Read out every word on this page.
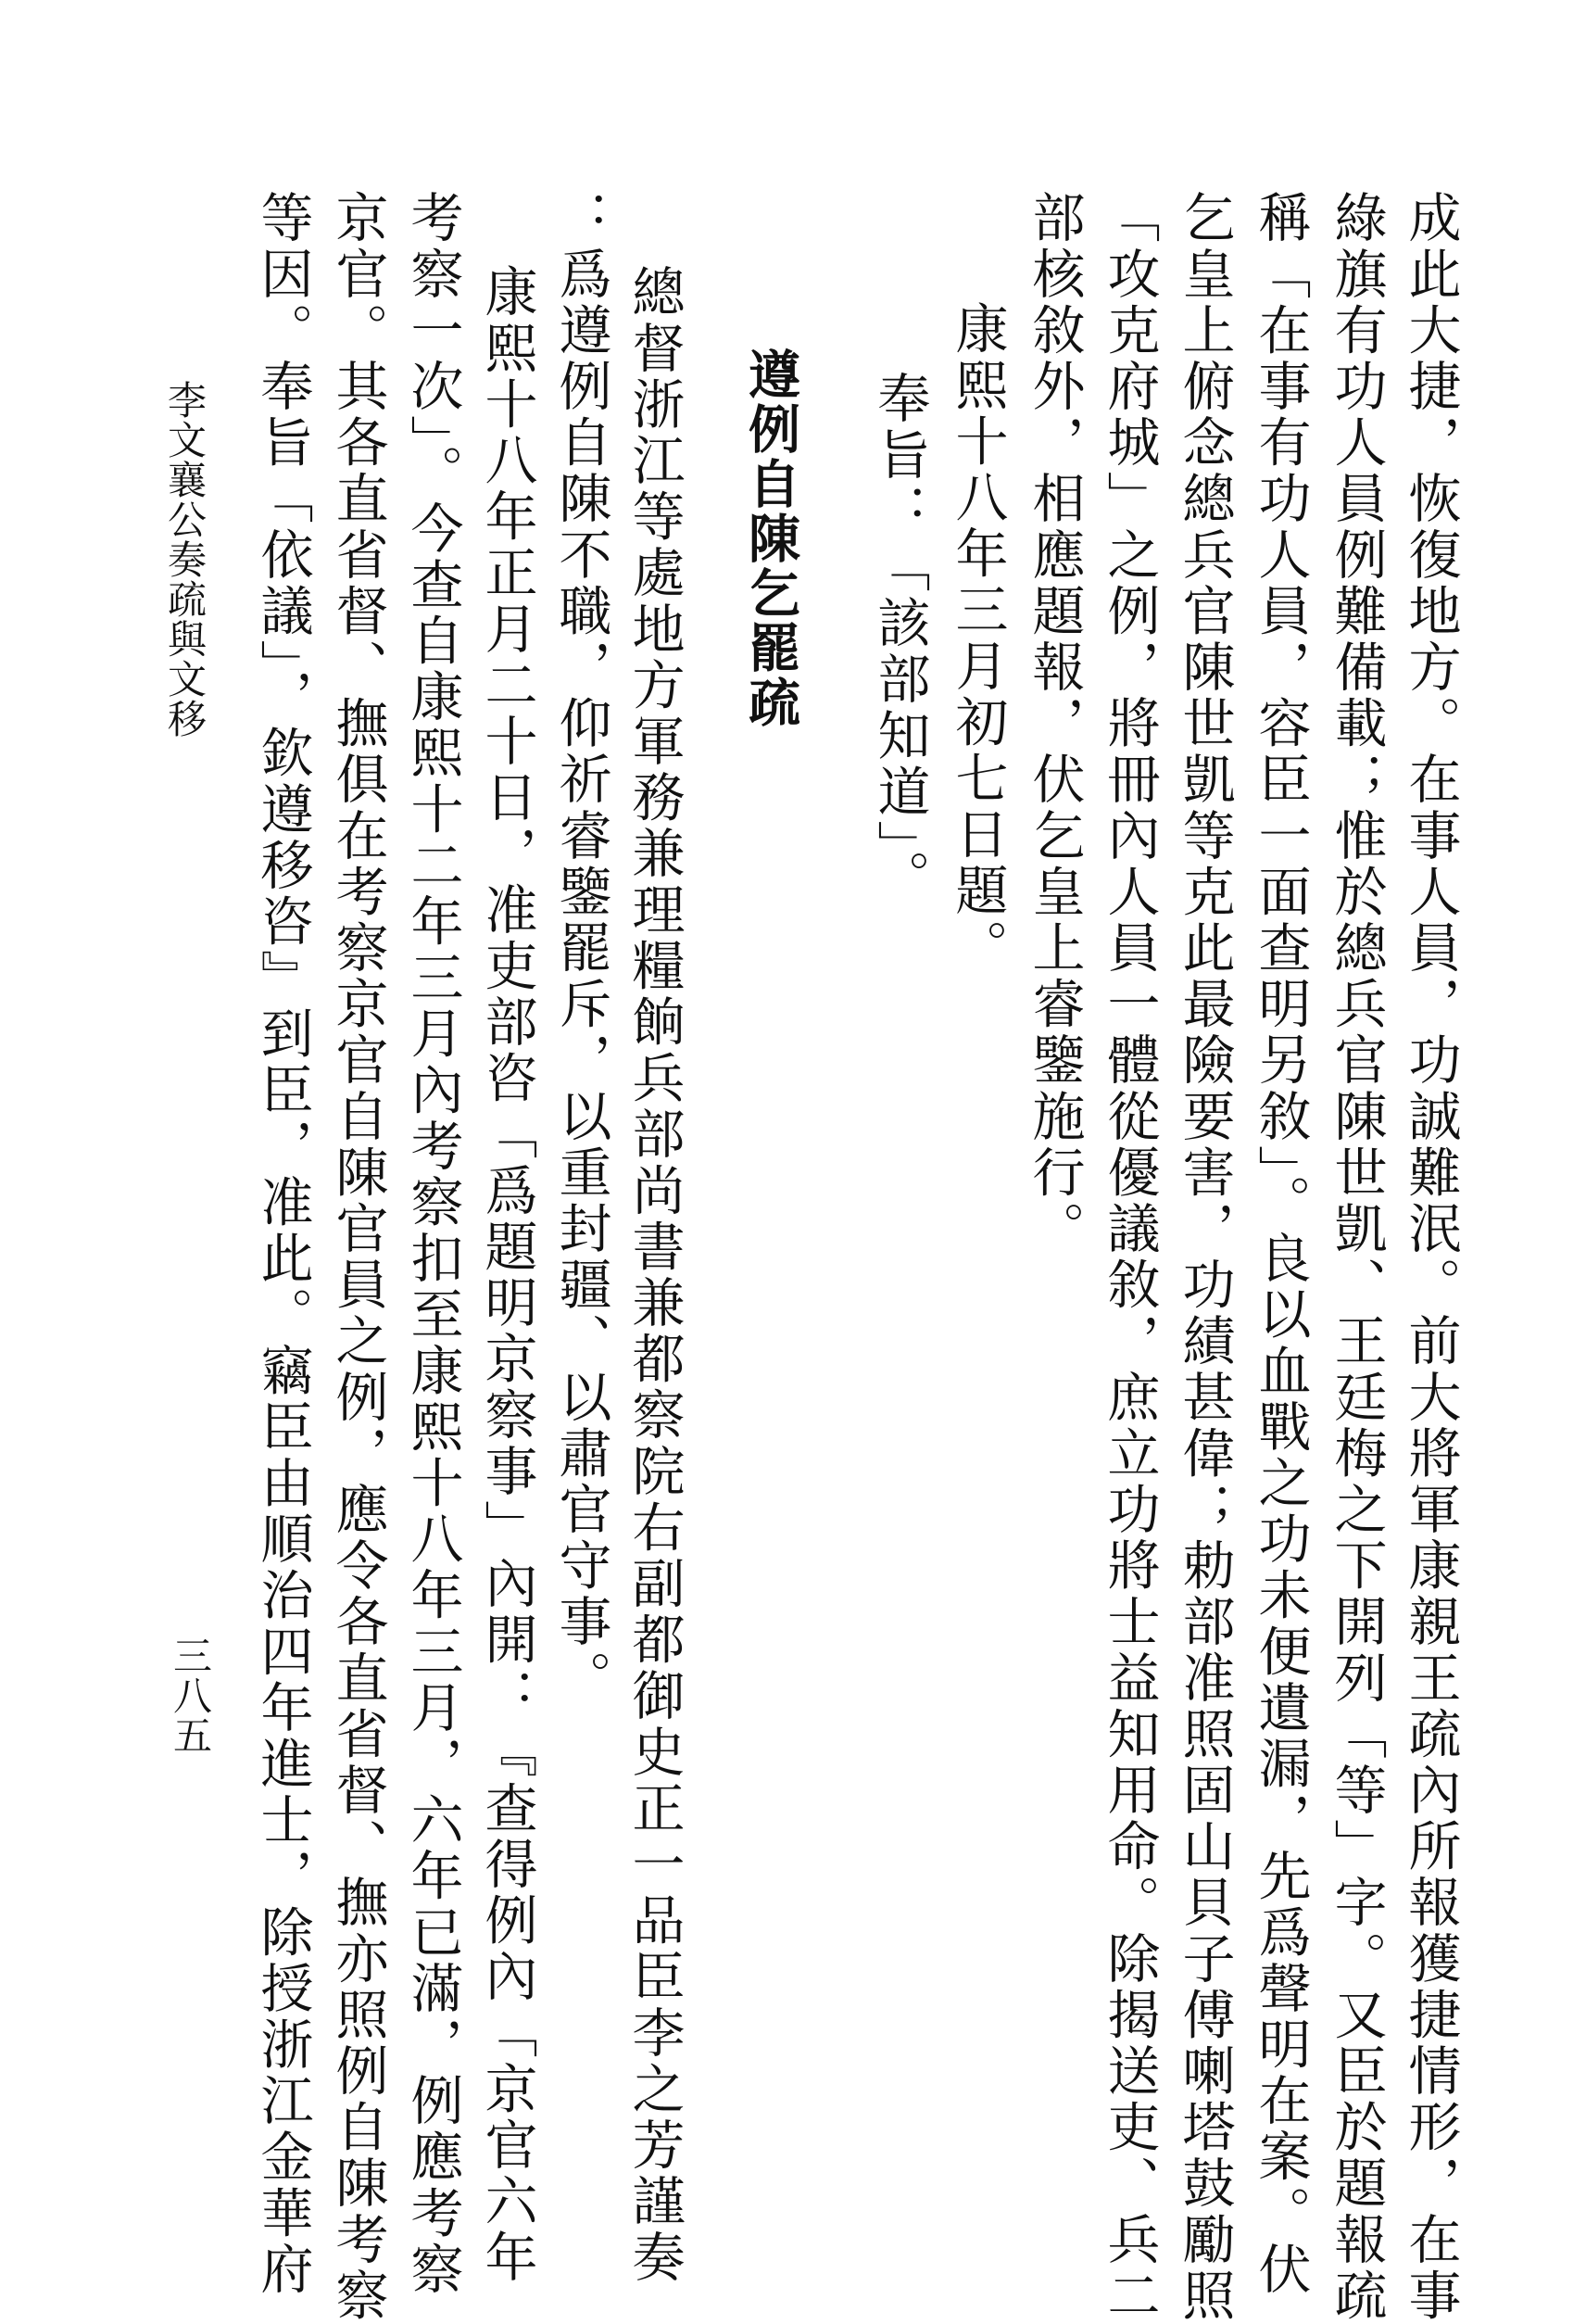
成此大捷，恢復地方。在事人員，功誠難泯。前大將軍康親王疏內所報獲捷情形，在事
綠旗有功人員例難備載；惟於總兵官陳世凱、王廷梅之下開列「等」字。又臣於題報疏
稱「在事有功人員，容臣一面查明另敘」。良以血戰之功未便遺漏，先爲聲明在案。伏
乞皇上俯念總兵官陳世凱等克此最險要害，功績甚偉；勅部准照固山貝子傅喇塔鼓勵照
「攻克府城」之例，將冊內人員一體從優議敘，庶立功將士益知用命。除揭送吏、兵二
部核敘外，相應題報，伏乞皇上睿鑒施行。
康熙十八年三月初七日題。
奉旨：「該部知道」。
遵例自陳乞罷疏
總督浙江等處地方軍務兼理糧餉兵部尚書兼都察院右副都御史正一品臣李之芳謹奏
：爲遵例自陳不職，仰祈睿鑒罷斥，以重封疆、以肅官守事。
康熙十八年正月二十日，准吏部咨「爲題明京察事」內開：『查得例內「京官六年
考察一次」。今查自康熙十二年三月內考察扣至康熙十八年三月，六年已滿，例應考察
京官。其各直省督、撫俱在考察京官自陳官員之例，應令各直省督、撫亦照例自陳考察
等因。奉旨「依議」，欽遵移咨』到臣，准此。竊臣由順治四年進士，除授浙江金華府
李文襄公奏疏與文移
三八五
